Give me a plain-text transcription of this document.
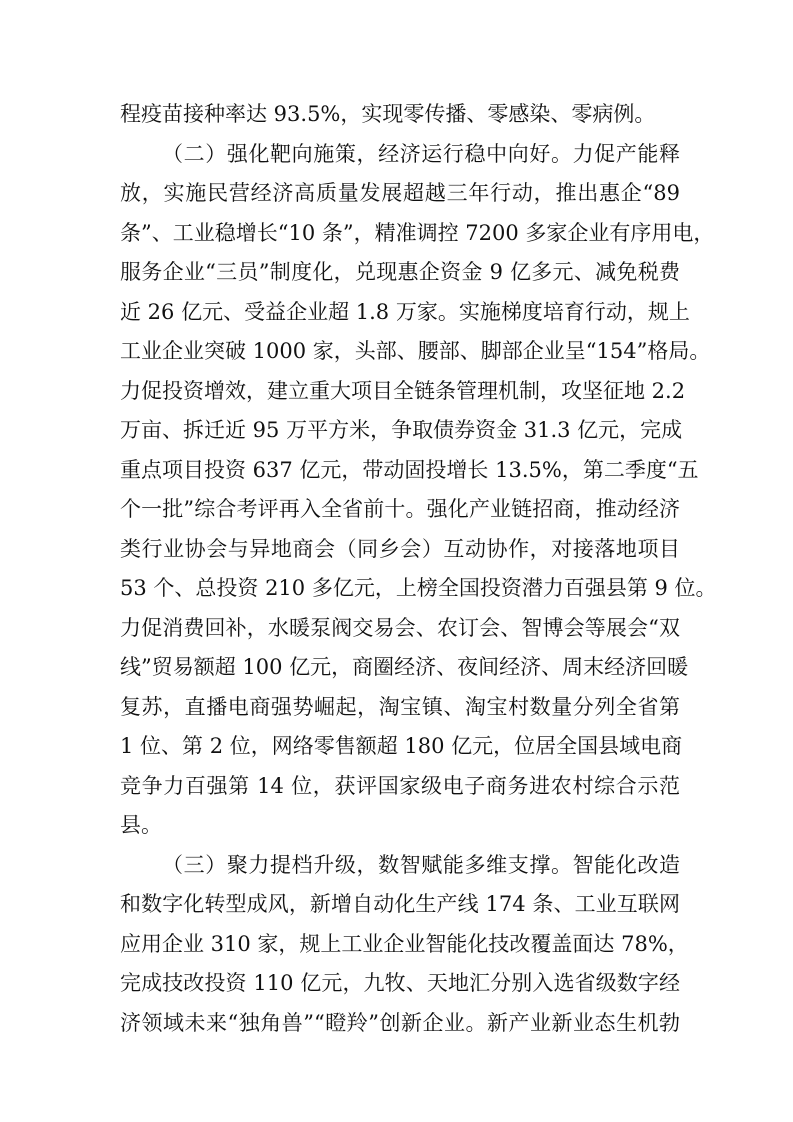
程疫苗接种率达 93.5%，实现零传播、零感染、零病例。
（二）强化靶向施策，经济运行稳中向好。力促产能释
放，实施民营经济高质量发展超越三年行动，推出惠企“89
条”、工业稳增长“10 条”，精准调控 7200 多家企业有序用电，
服务企业“三员”制度化，兑现惠企资金 9 亿多元、减免税费
近 26 亿元、受益企业超 1.8 万家。实施梯度培育行动，规上
工业企业突破 1000 家，头部、腰部、脚部企业呈“154”格局。
力促投资增效，建立重大项目全链条管理机制，攻坚征地 2.2
万亩、拆迁近 95 万平方米，争取债券资金 31.3 亿元，完成
重点项目投资 637 亿元，带动固投增长 13.5%，第二季度“五
个一批”综合考评再入全省前十。强化产业链招商，推动经济
类行业协会与异地商会（同乡会）互动协作，对接落地项目
53 个、总投资 210 多亿元，上榜全国投资潜力百强县第 9 位。
力促消费回补，水暖泵阀交易会、农订会、智博会等展会“双
线”贸易额超 100 亿元，商圈经济、夜间经济、周末经济回暖
复苏，直播电商强势崛起，淘宝镇、淘宝村数量分列全省第
1 位、第 2 位，网络零售额超 180 亿元，位居全国县域电商
竞争力百强第 14 位，获评国家级电子商务进农村综合示范
县。
（三）聚力提档升级，数智赋能多维支撑。智能化改造
和数字化转型成风，新增自动化生产线 174 条、工业互联网
应用企业 310 家，规上工业企业智能化技改覆盖面达 78%，
完成技改投资 110 亿元，九牧、天地汇分别入选省级数字经
济领域未来“独角兽”“瞪羚”创新企业。新产业新业态生机勃
